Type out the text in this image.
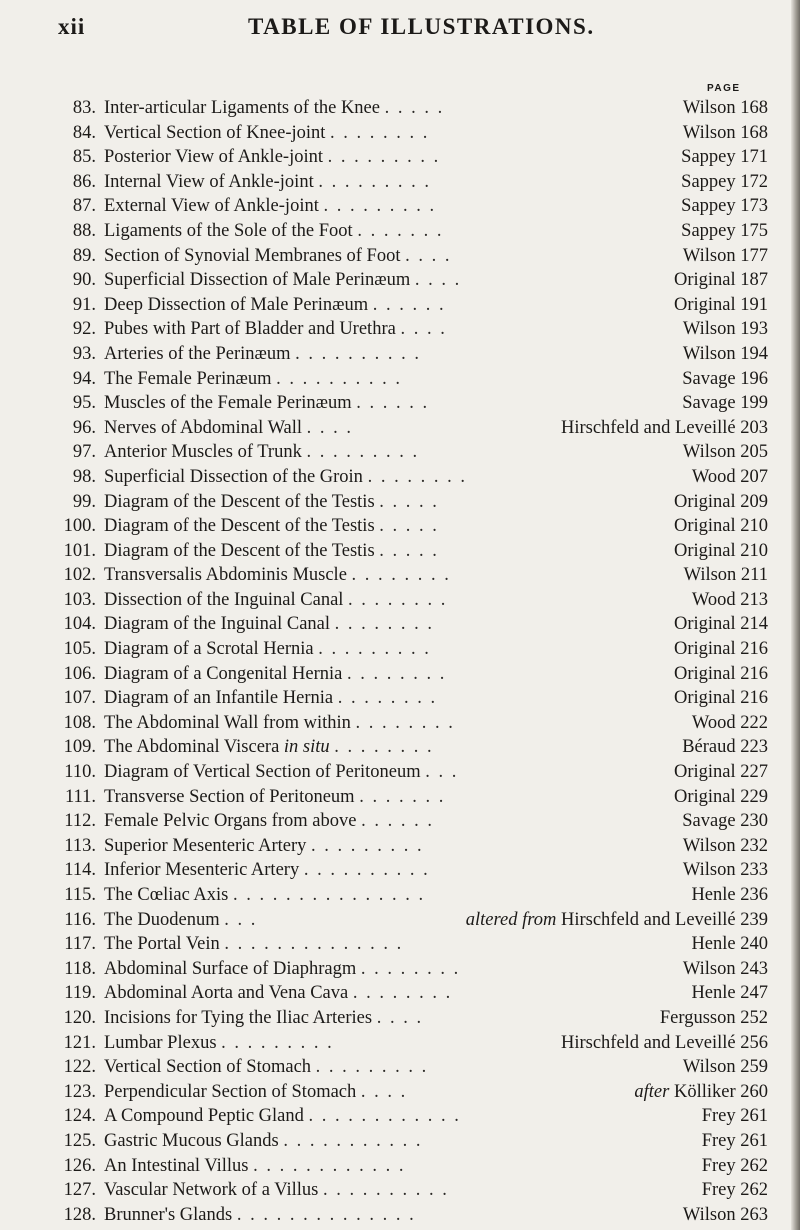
xii	TABLE OF ILLUSTRATIONS.
PAGE
83. Inter-articular Ligaments of the Knee . . . . .	Wilson 168
84. Vertical Section of Knee-joint . . . . . . . .	Wilson 168
85. Posterior View of Ankle-joint . . . . . . . . .	Sappey 171
86. Internal View of Ankle-joint . . . . . . . . .	Sappey 172
87. External View of Ankle-joint . . . . . . . . .	Sappey 173
88. Ligaments of the Sole of the Foot . . . . . . .	Sappey 175
89. Section of Synovial Membranes of Foot . . . .	Wilson 177
90. Superficial Dissection of Male Perinæum . . . .	Original 187
91. Deep Dissection of Male Perinæum . . . . . .	Original 191
92. Pubes with Part of Bladder and Urethra . . . .	Wilson 193
93. Arteries of the Perinæum . . . . . . . . . .	Wilson 194
94. The Female Perinæum . . . . . . . . . .	Savage 196
95. Muscles of the Female Perinæum . . . . . .	Savage 199
96. Nerves of Abdominal Wall . . . .	Hirschfeld and Leveillé 203
97. Anterior Muscles of Trunk . . . . . . . . .	Wilson 205
98. Superficial Dissection of the Groin . . . . . . . .	Wood 207
99. Diagram of the Descent of the Testis . . . . .	Original 209
100. Diagram of the Descent of the Testis . . . . .	Original 210
101. Diagram of the Descent of the Testis . . . . .	Original 210
102. Transversalis Abdominis Muscle . . . . . . . .	Wilson 211
103. Dissection of the Inguinal Canal . . . . . . . .	Wood 213
104. Diagram of the Inguinal Canal . . . . . . . .	Original 214
105. Diagram of a Scrotal Hernia . . . . . . . . .	Original 216
106. Diagram of a Congenital Hernia . . . . . . . .	Original 216
107. Diagram of an Infantile Hernia . . . . . . . .	Original 216
108. The Abdominal Wall from within . . . . . . . .	Wood 222
109. The Abdominal Viscera in situ . . . . . . . .	Béraud 223
110. Diagram of Vertical Section of Peritoneum . . .	Original 227
111. Transverse Section of Peritoneum . . . . . . .	Original 229
112. Female Pelvic Organs from above . . . . . .	Savage 230
113. Superior Mesenteric Artery . . . . . . . . .	Wilson 232
114. Inferior Mesenteric Artery . . . . . . . . . .	Wilson 233
115. The Cœliac Axis . . . . . . . . . . . . . . .	Henle 236
116. The Duodenum . . .	altered from Hirschfeld and Leveillé 239
117. The Portal Vein . . . . . . . . . . . . . .	Henle 240
118. Abdominal Surface of Diaphragm . . . . . . . .	Wilson 243
119. Abdominal Aorta and Vena Cava . . . . . . . .	Henle 247
120. Incisions for Tying the Iliac Arteries . . . .	Fergusson 252
121. Lumbar Plexus . . . . . . . . .	Hirschfeld and Leveillé 256
122. Vertical Section of Stomach . . . . . . . . .	Wilson 259
123. Perpendicular Section of Stomach . . . .	after Kölliker 260
124. A Compound Peptic Gland . . . . . . . . . . . .	Frey 261
125. Gastric Mucous Glands . . . . . . . . . . .	Frey 261
126. An Intestinal Villus . . . . . . . . . . . .	Frey 262
127. Vascular Network of a Villus . . . . . . . . . .	Frey 262
128. Brunner's Glands . . . . . . . . . . . . . .	Wilson 263
